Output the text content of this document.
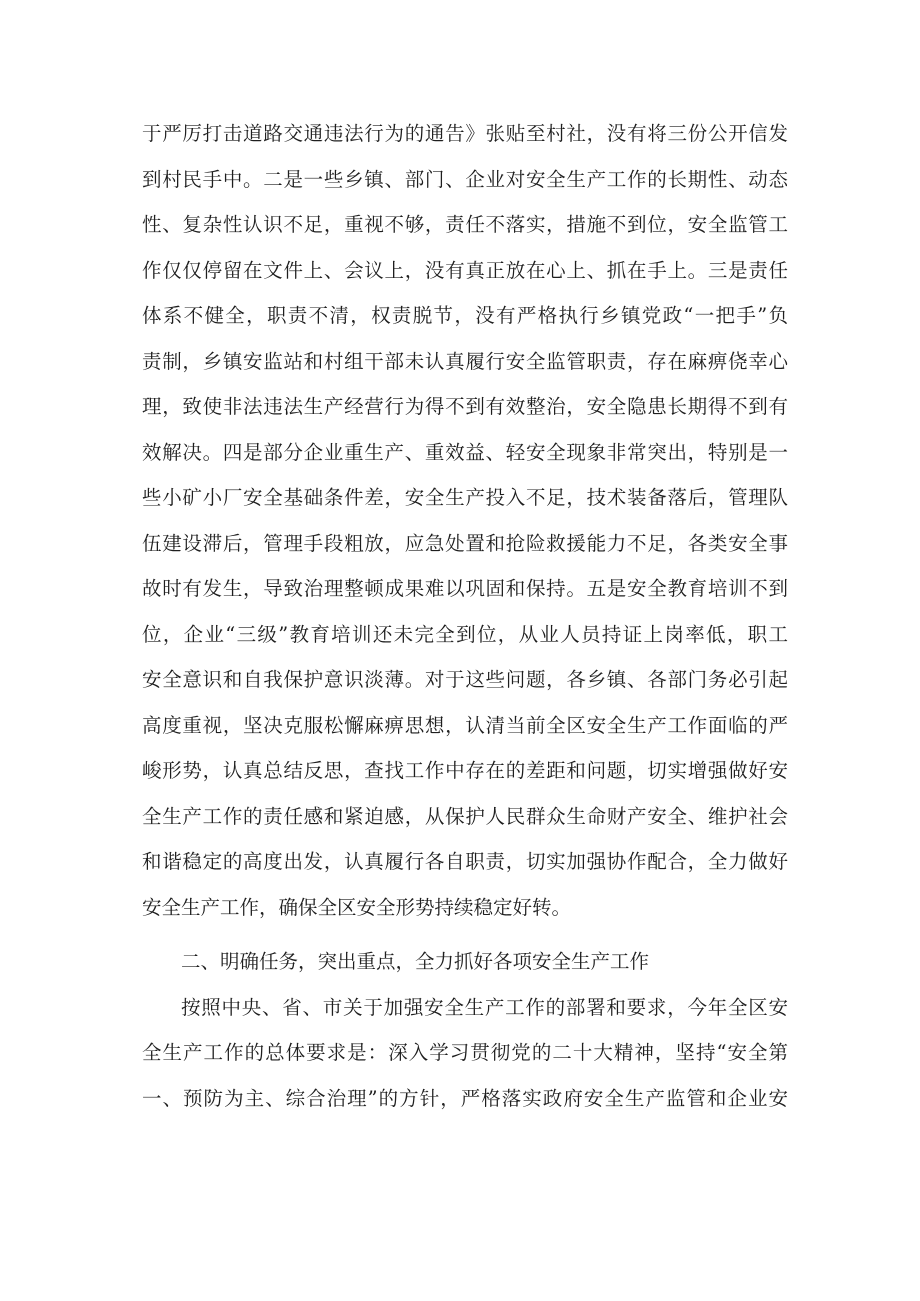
于严厉打击道路交通违法行为的通告》张贴至村社，没有将三份公开信发
到村民手中。二是一些乡镇、部门、企业对安全生产工作的长期性、动态
性、复杂性认识不足，重视不够，责任不落实，措施不到位，安全监管工
作仅仅停留在文件上、会议上，没有真正放在心上、抓在手上。三是责任
体系不健全，职责不清，权责脱节，没有严格执行乡镇党政“一把手”负
责制，乡镇安监站和村组干部未认真履行安全监管职责，存在麻痹侥幸心
理，致使非法违法生产经营行为得不到有效整治，安全隐患长期得不到有
效解决。四是部分企业重生产、重效益、轻安全现象非常突出，特别是一
些小矿小厂安全基础条件差，安全生产投入不足，技术装备落后，管理队
伍建设滞后，管理手段粗放，应急处置和抢险救援能力不足，各类安全事
故时有发生，导致治理整顿成果难以巩固和保持。五是安全教育培训不到
位，企业“三级”教育培训还未完全到位，从业人员持证上岗率低，职工
安全意识和自我保护意识淡薄。对于这些问题，各乡镇、各部门务必引起
高度重视，坚决克服松懈麻痹思想，认清当前全区安全生产工作面临的严
峻形势，认真总结反思，查找工作中存在的差距和问题，切实增强做好安
全生产工作的责任感和紧迫感，从保护人民群众生命财产安全、维护社会
和谐稳定的高度出发，认真履行各自职责，切实加强协作配合，全力做好
安全生产工作，确保全区安全形势持续稳定好转。
二、明确任务，突出重点，全力抓好各项安全生产工作
按照中央、省、市关于加强安全生产工作的部署和要求，今年全区安
全生产工作的总体要求是：深入学习贯彻党的二十大精神，坚持“安全第
一、预防为主、综合治理”的方针，严格落实政府安全生产监管和企业安
